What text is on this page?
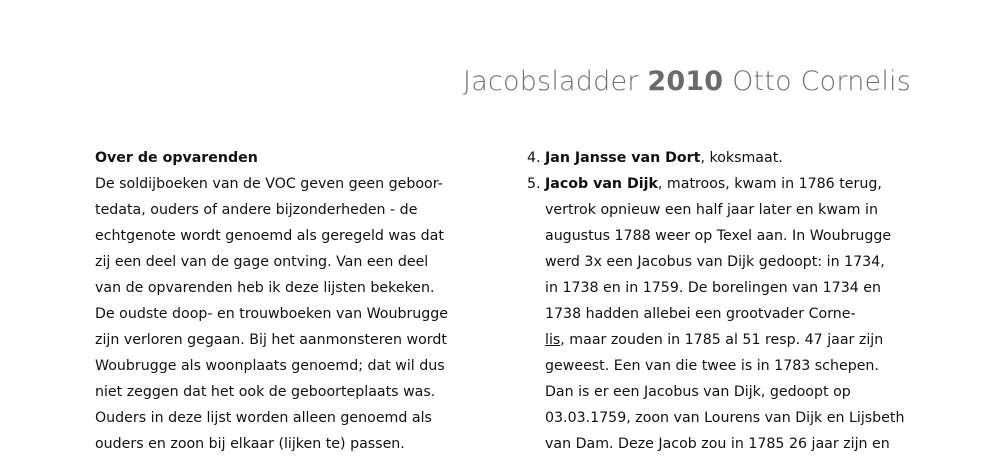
Jacobsladder 2010 Otto Cornelis
Over de opvarenden
De soldijboeken van de VOC geven geen geboor-
tedata, ouders of andere bijzonderheden - de
echtgenote wordt genoemd als geregeld was dat
zij een deel van de gage ontving. Van een deel
van de opvarenden heb ik deze lijsten bekeken.
De oudste doop- en trouwboeken van Woubrugge
zijn verloren gegaan. Bij het aanmonsteren wordt
Woubrugge als woonplaats genoemd; dat wil dus
niet zeggen dat het ook de geboorteplaats was.
Ouders in deze lijst worden alleen genoemd als
ouders en zoon bij elkaar (lijken te) passen.
4. Jan Jansse van Dort, koksmaat.
5. Jacob van Dijk, matroos, kwam in 1786 terug,
vertrok opnieuw een half jaar later en kwam in
augustus 1788 weer op Texel aan. In Woubrugge
werd 3x een Jacobus van Dijk gedoopt: in 1734,
in 1738 en in 1759. De borelingen van 1734 en
1738 hadden allebei een grootvader Corne-
lis, maar zouden in 1785 al 51 resp. 47 jaar zijn
geweest. Een van die twee is in 1783 schepen.
Dan is er een Jacobus van Dijk, gedoopt op
03.03.1759, zoon van Lourens van Dijk en Lijsbeth
van Dam. Deze Jacob zou in 1785 26 jaar zijn en
